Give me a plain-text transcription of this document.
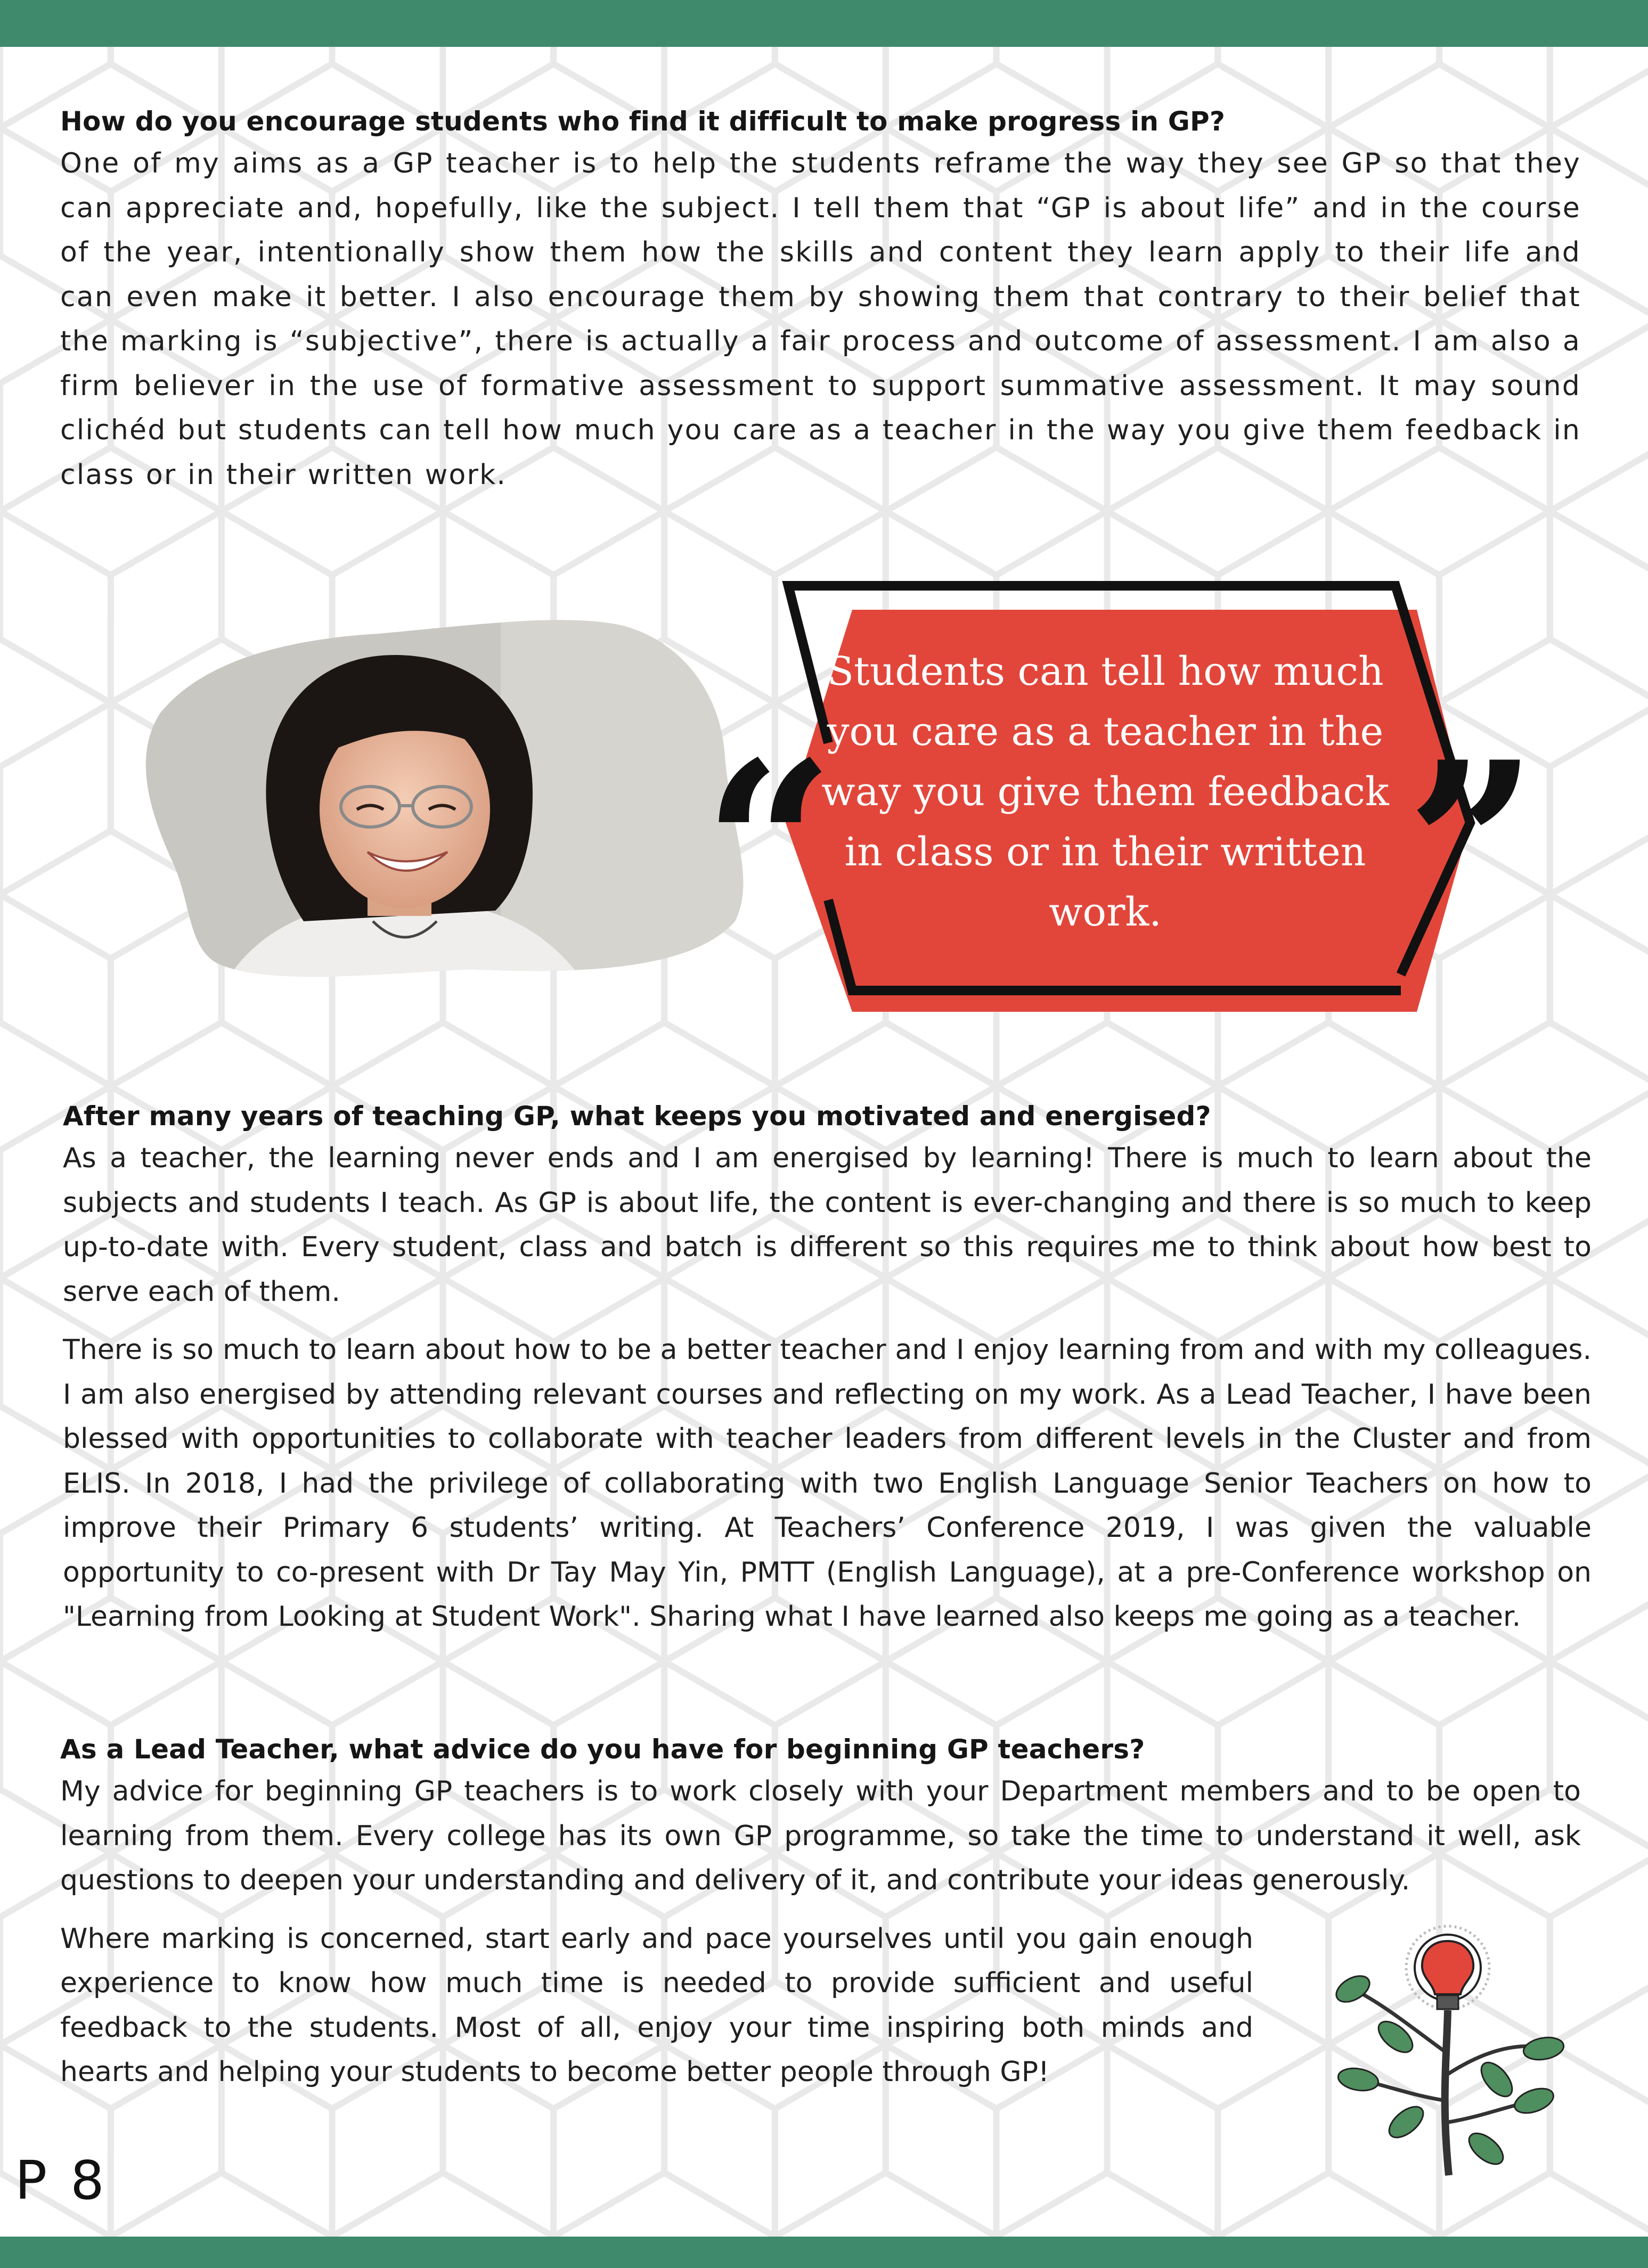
How do you encourage students who find it difficult to make progress in GP?

One of my aims as a GP teacher is to help the students reframe the way they see GP so that they can appreciate and, hopefully, like the subject. I tell them that “GP is about life” and in the course of the year, intentionally show them how the skills and content they learn apply to their life and can even make it better. I also encourage them by showing them that contrary to their belief that the marking is “subjective”, there is actually a fair process and outcome of assessment. I am also a firm believer in the use of formative assessment to support summative assessment. It may sound clichéd but students can tell how much you care as a teacher in the way you give them feedback in class or in their written work.

“ ”

Students can tell how much you care as a teacher in the way you give them feedback in class or in their written work.

After many years of teaching GP, what keeps you motivated and energised?

As a teacher, the learning never ends and I am energised by learning! There is much to learn about the subjects and students I teach. As GP is about life, the content is ever-changing and there is so much to keep up-to-date with. Every student, class and batch is different so this requires me to think about how best to serve each of them.

There is so much to learn about how to be a better teacher and I enjoy learning from and with my colleagues. I am also energised by attending relevant courses and reflecting on my work. As a Lead Teacher, I have been blessed with opportunities to collaborate with teacher leaders from different levels in the Cluster and from ELIS. In 2018, I had the privilege of collaborating with two English Language Senior Teachers on how to improve their Primary 6 students’ writing. At Teachers’ Conference 2019, I was given the valuable opportunity to co-present with Dr Tay May Yin, PMTT (English Language), at a pre-Conference workshop on "Learning from Looking at Student Work". Sharing what I have learned also keeps me going as a teacher.

As a Lead Teacher, what advice do you have for beginning GP teachers?

My advice for beginning GP teachers is to work closely with your Department members and to be open to learning from them. Every college has its own GP programme, so take the time to understand it well, ask questions to deepen your understanding and delivery of it, and contribute your ideas generously.

Where marking is concerned, start early and pace yourselves until you gain enough experience to know how much time is needed to provide sufficient and useful feedback to the students. Most of all, enjoy your time inspiring both minds and hearts and helping your students to become better people through GP!

P 8
